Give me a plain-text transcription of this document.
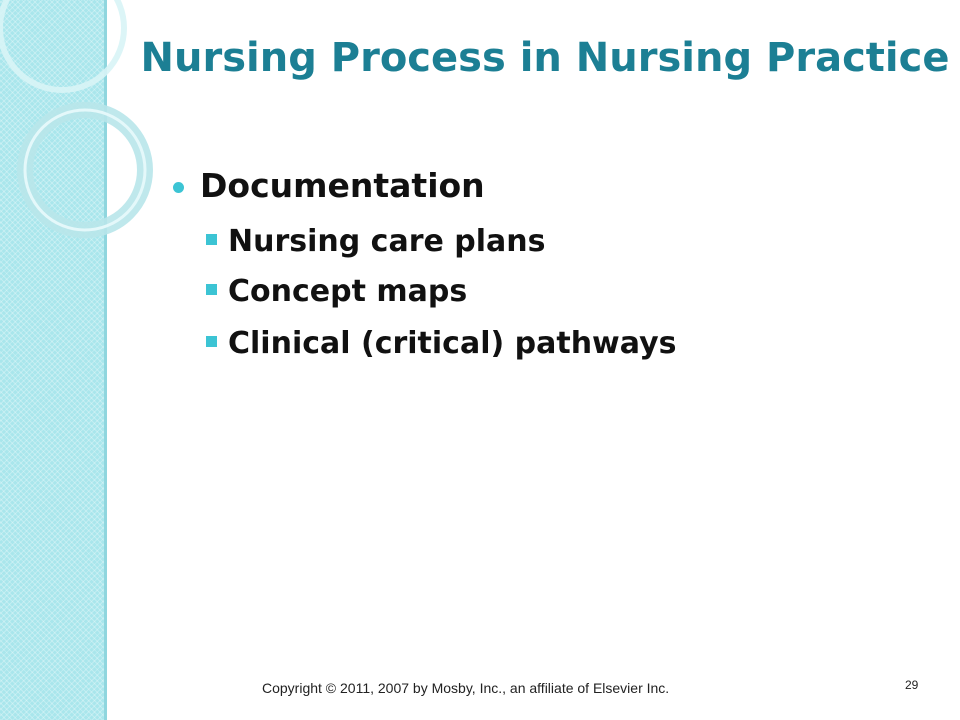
Nursing Process in Nursing Practice
Documentation
Nursing care plans
Concept maps
Clinical (critical) pathways
Copyright © 2011, 2007 by Mosby, Inc., an affiliate of Elsevier Inc.	29
